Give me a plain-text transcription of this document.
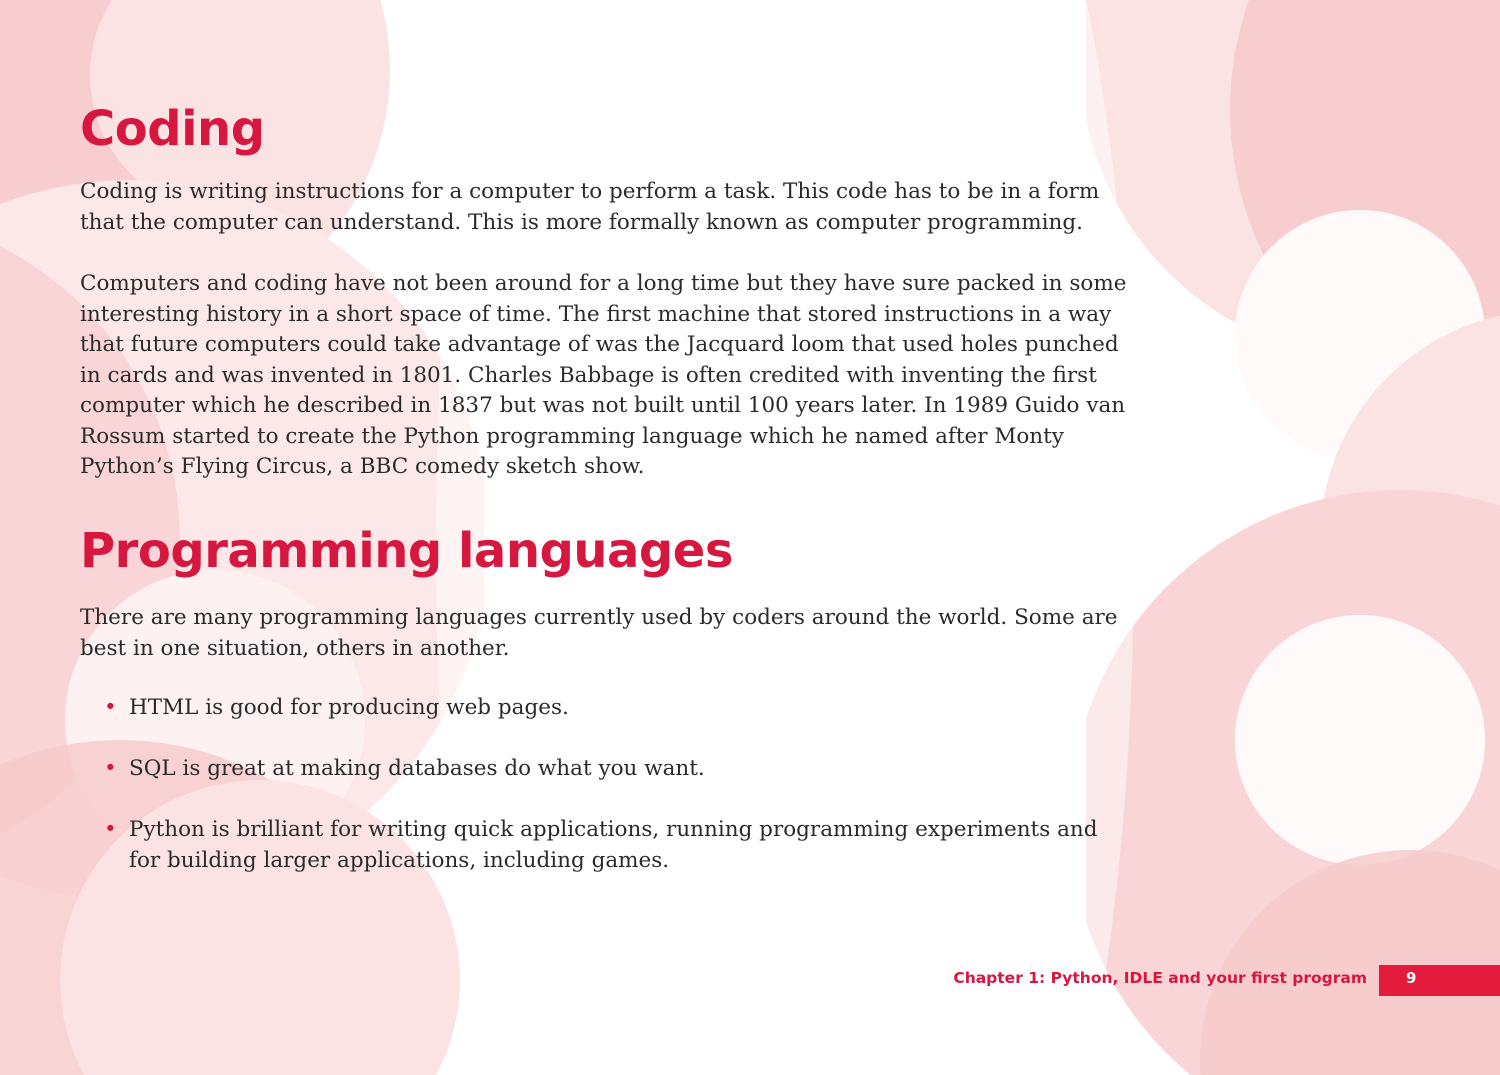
Coding

Coding is writing instructions for a computer to perform a task. This code has to be in a form that the computer can understand. This is more formally known as computer programming.

Computers and coding have not been around for a long time but they have sure packed in some interesting history in a short space of time. The first machine that stored instructions in a way that future computers could take advantage of was the Jacquard loom that used holes punched in cards and was invented in 1801. Charles Babbage is often credited with inventing the first computer which he described in 1837 but was not built until 100 years later. In 1989 Guido van Rossum started to create the Python programming language which he named after Monty Python’s Flying Circus, a BBC comedy sketch show.

Programming languages

There are many programming languages currently used by coders around the world. Some are best in one situation, others in another.

• HTML is good for producing web pages.
• SQL is great at making databases do what you want.
• Python is brilliant for writing quick applications, running programming experiments and for building larger applications, including games.
Chapter 1: Python, IDLE and your first program	9
